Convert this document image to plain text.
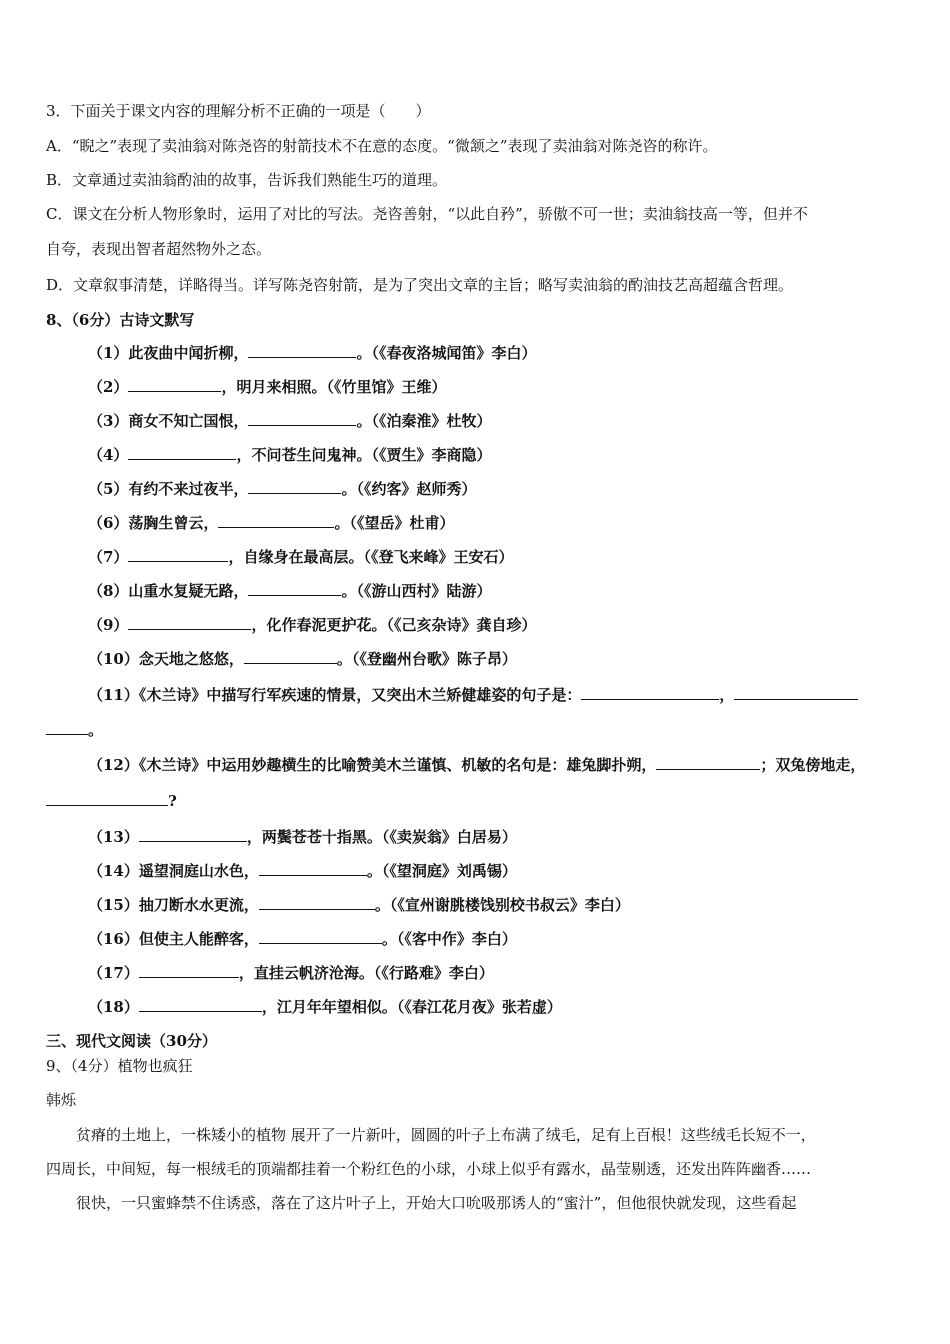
3．下面关于课文内容的理解分析不正确的一项是（　　）
A．“睨之”表现了卖油翁对陈尧咨的射箭技术不在意的态度。“微颔之”表现了卖油翁对陈尧咨的称许。
B．文章通过卖油翁酌油的故事，告诉我们熟能生巧的道理。
C．课文在分析人物形象时，运用了对比的写法。尧咨善射，“以此自矜”，骄傲不可一世；卖油翁技高一等，但并不
自夸，表现出智者超然物外之态。
D．文章叙事清楚，详略得当。详写陈尧咨射箭，是为了突出文章的主旨；略写卖油翁的酌油技艺高超蕴含哲理。
8、（6分）古诗文默写
（1）此夜曲中闻折柳，	。（《春夜洛城闻笛》李白）
（2）	，明月来相照。（《竹里馆》王维）
（3）商女不知亡国恨，	。（《泊秦淮》杜牧）
（4）	，不问苍生问鬼神。（《贾生》李商隐）
（5）有约不来过夜半，	。（《约客》赵师秀）
（6）荡胸生曾云，	。（《望岳》杜甫）
（7）	，自缘身在最高层。（《登飞来峰》王安石）
（8）山重水复疑无路，	。（《游山西村》陆游）
（9）	，化作春泥更护花。（《己亥杂诗》龚自珍）
（10）念天地之悠悠，	。（《登幽州台歌》陈子昂）
（11）《木兰诗》中描写行军疾速的情景，又突出木兰矫健雄姿的句子是：	，
。
（12）《木兰诗》中运用妙趣横生的比喻赞美木兰谨慎、机敏的名句是：雄兔脚扑朔，	；双兔傍地走，
?
（13）	，两鬓苍苍十指黑。（《卖炭翁》白居易）
（14）遥望洞庭山水色，	。（《望洞庭》刘禹锡）
（15）抽刀断水水更流，	。（《宣州谢朓楼饯别校书叔云》李白）
（16）但使主人能醉客，	。（《客中作》李白）
（17）	，直挂云帆济沧海。（《行路难》李白）
（18）	，江月年年望相似。（《春江花月夜》张若虚）
三、现代文阅读（30分）
9、（4分）植物也疯狂
韩烁
　　贫瘠的土地上，一株矮小的植物 展开了一片新叶，圆圆的叶子上布满了绒毛，足有上百根！这些绒毛长短不一，
四周长，中间短，每一根绒毛的顶端都挂着一个粉红色的小球，小球上似乎有露水，晶莹剔透，还发出阵阵幽香……
　　很快，一只蜜蜂禁不住诱惑，落在了这片叶子上，开始大口吮吸那诱人的“蜜汁”，但他很快就发现，这些看起
